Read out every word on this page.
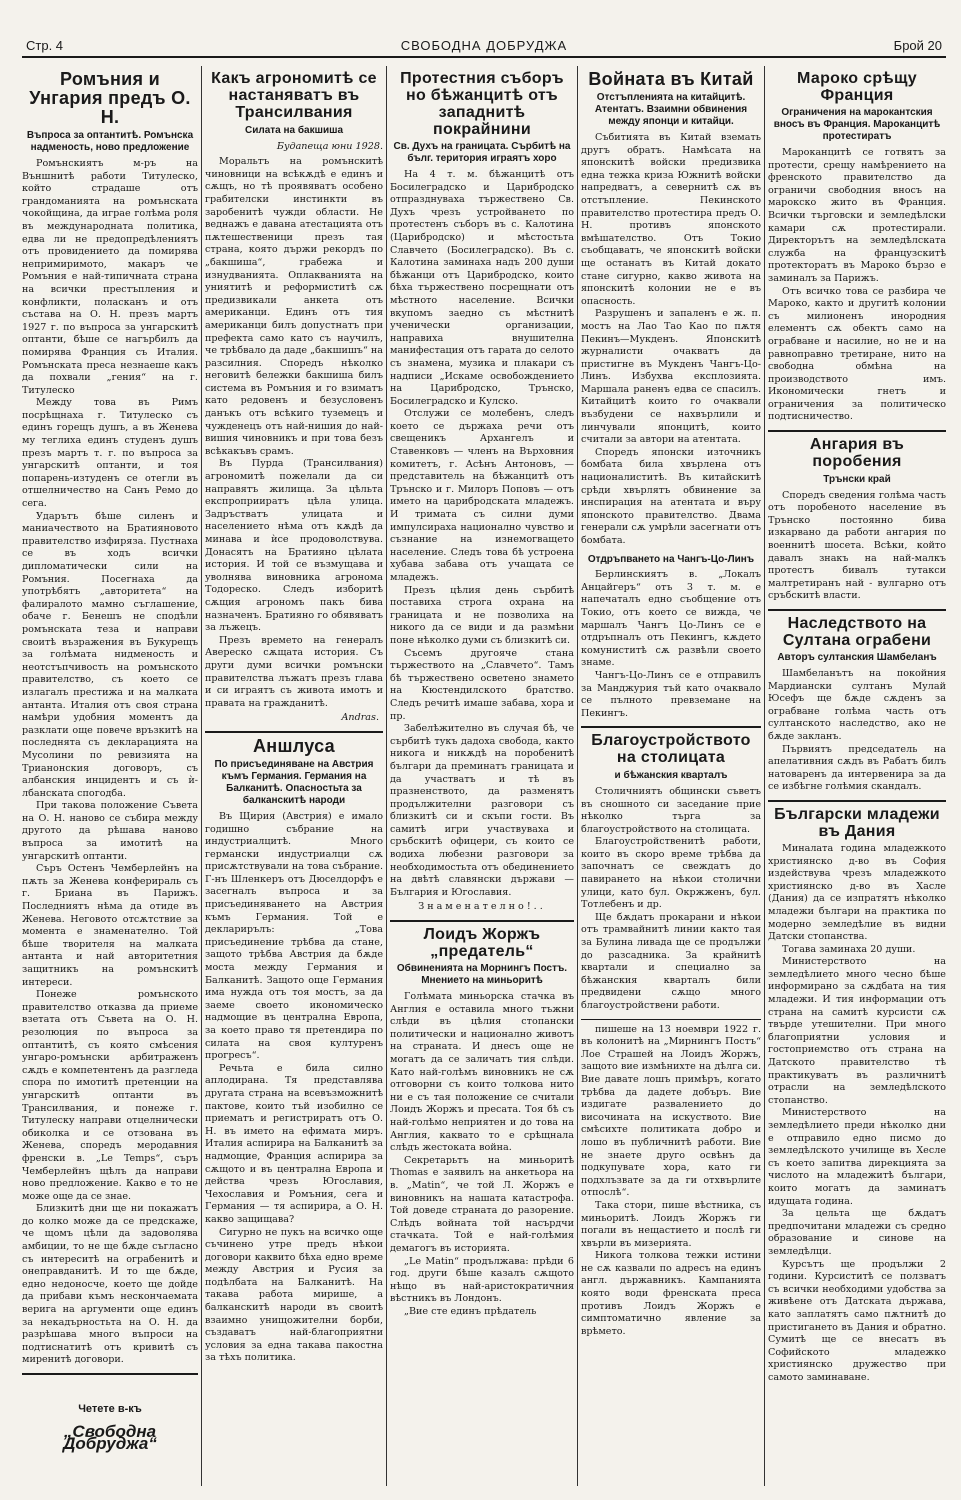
Стр. 4	СВОБОДНА ДОБРУДЖА	Брой 20
Ромъния и Унгария предъ О. Н.
Въпроса за оптантитѣ. Ромънска надменость, ново предложение

Ромънскиятъ м-ръ на Външнитѣ работи Титулеско, който страдаше отъ грандоманията на ромънската чокойщина, да играе голѣма роля въ международната политика, едва ли не предопредѣлениятъ отъ провидението да помирява непримиримото, макаръ че Ромъния е най-типичната страна на всички престъпления и конфликти, поласканъ и отъ състава на О. Н. презъ мартъ 1927 г. по въпроса за унгарскитѣ оптанти, бѣше се нагърбилъ да помирява Франция съ Италия. Ромънската преса незнаеше какъ да похвали „гения“ на г. Титулеско

Между това въ Римъ посрѣщнаха г. Титулеско съ единъ горещъ душъ, а въ Женева му теглиха единъ студенъ душъ презъ мартъ т. г. по въпроса за унгарскитѣ оптанти, и тоя попарень-изтуденъ се отегли въ отшелничество на Санъ Ремо до сега.

Ударътъ бѣше силенъ и маниачеството на Братияновото правителство изфиряза. Пустнаха се въ ходъ всички дипломатически сили на Ромъния. Посегнаха да употрѣбятъ „авторитета“ на фалиралото мамно съглашение, обаче г. Бенешъ не сподѣли ромънската теза и направи своитѣ възражения въ Букурещъ за голѣмата нидменость и неотстъпчивость на ромънското правителство, съ което се излагалъ престижа и на малката антанта. Италия отъ своя страна намѣри удобния моментъ да разклати още повече връзкитѣ на последнята съ декларацията на Мусолини по ревизията на Трианонския договоръ, съ албанския инцидентъ и съ ѝ-лбанската спогодба.

При такова положение Съвета на О. Н. наново се събира между другото да рѣшава наново въпроса за имотитѣ на унгарскитѣ оптанти.

Съръ Остенъ Чемберлейнъ на пѫть за Женева конферираль съ г. Бриана въ Парижъ. Последниятъ нѣма да отиде въ Женева. Неговото отсѫтствие за момента е знаменателно. Той бѣше творителя на малката антанта и най авторитетния защитникъ на ромънскитѣ интереси.

Понеже ромънското правителство отказва да приеме взетата отъ Съвета на О. Н. резолюция по въпроса за оптантитѣ, съ която смѣсения унгаро-ромънски арбитраженъ сѫдъ е компетентенъ да разгледа спора по имотитѣ претенции на унгарскитѣ оптанти въ Трансилвания, и понеже г. Титулеску направи отцелнически обиколка и се отзована въ Женева, споредъ меродавния френски в. „Le Temps“, съръ Чемберлейнъ щѣлъ да направи ново предложение. Какво е то не може още да се знае.

Близкитѣ дни ще ни покажатъ до колко може да се предскаже, че щомъ цѣли да задоволява амбиции, то не ще бѫде съгласно съ интереситѣ на ограбенитѣ и онеправданитѣ. И то ще бѫде, едно недоносче, което ще дойде да прибави къмъ нескончаемата верига на аргументи още единъ за некадърностьта на О. Н. да разрѣшава много въпроси на подтиснатитѣ отъ кривитѣ съ миренитѣ договори.

Четете в-къ
„Свободна Добруджа“
Какъ агрономитѣ се настаняватъ въ Трансилвания
Силата на бакшиша
Будапеща юни 1928.

Моральтъ на ромънскитѣ чиновници на всѣкѫдѣ е единъ и сѫщъ, но тѣ проявяватъ особено грабителски инстинкти въ заробенитѣ чужди области. Не веднажъ е давана атестацията отъ пѫтешественици презъ тая страна, която държи рекордъ по „бакшиша“, грабежа и изнудванията. Оплакванията на униятитѣ и реформиститѣ сѫ предизвикали анкета отъ американци. Единъ отъ тия американци билъ допустнатъ при префекта само като съ научилъ, че трѣбвало да даде „бакшишъ“ на разсилния. Споредъ нѣколко неговитѣ бележки бакшиша билъ система въ Ромъния и го взиматъ като редовенъ и безусловенъ данъкъ отъ всѣкиго туземецъ и чужденецъ отъ най-нишия до най-вишия чиновникъ и при това безъ всѣкакъвъ срамъ.

Въ Пурда (Трансилвания) агрономитѣ пожелали да си направятъ жилища. За цѣльта експроприиратъ цѣла улица. Задръстватъ улицата и населението нѣма отъ кѫдѣ да минава и ѝсе продоволствува. Донасятъ на Братияно цѣлата история. И той се възмущава и уволнява виновника агронома Тодореско. Следъ изборитѣ сѫщия агрономъ пакъ бива назначенъ. Братияно го обявяватъ за лъжецъ.

Презъ времето на генералъ Авереско сѫщата история. Съ други думи всички ромънски правителства лъжатъ презъ глава и си играятъ съ живота имотъ и правата на гражданитѣ.

Andras.
Аншлуса
По присъединяване на Австрия къмъ Германия. Германия на Балканитѣ. Опасностьта за балканскитѣ народи

Въ Щирия (Австрия) е имало годишно събрание на индустриалцитѣ. Много германски индустриалци сѫ присѫтствували на това събрание. Г-нъ Шленкеръ отъ Дюселдорфъ е засегналъ въпроса и за присъединяването на Австрия къмъ Германия. Той е декларирълъ: „Това присъединение трѣбва да стане, защото трѣбва Австрия да бѫде моста между Германия и Балканитѣ. Защото още Германия има нужда отъ тоя мостъ, за да заеме своето икономическо надмощие въ централна Европа, за което право тя претендира по силата на своя културенъ прогресъ“.

Речьта е била силно аплодирана. Тя представлява другата страна на всевъзможнитѣ пактове, които тъй изобилно се приематъ и регистриратъ отъ О. Н. въ името на ефимата миръ. Италия аспирира на Балканитѣ за надмощие, Франция аспирира за сѫщото и въ централна Европа и действа чрезъ Югославия, Чехославия и Ромъния, сега и Германия — тя аспирира, а О. Н. какво защищава?

Сигурно не пукъ на всичко още съчинено утре предъ нѣкои договори каквито бѣха едно време между Австрия и Русия за подѣлбата на Балканитѣ. На такава работа мирише, а балканскитѣ народи въ своитѣ взаимно унищожителни борби, създаватъ най-благоприятни условия за една такава пакостна за тѣхъ политика.

Протестния съборъ но бѣжанцитѣ отъ западнитѣ покрайнини
Св. Духъ на границата. Сърбитѣ на бълг. територия играятъ хоро

На 4 т. м. бѣжанцитѣ отъ Босилеградско и Царибродско отпразднуваха тържествено Св. Духъ чрезъ устройването по протестенъ съборъ въ с. Калотина (Царибродско) и мѣстостьта Славчето (Босилеградско). Въ с. Калотина заминаха надъ 200 души бѣжанци отъ Царибродско, които бѣха тържествено посрещнати отъ мѣстното население. Всички вкупомъ заедно съ мѣстнитѣ ученически организации, направиха внушителна манифестация отъ гарата до селото съ знамена, музика и плакари съ надписи „Искаме освобождението на Царибродско, Трънско, Босилеградско и Кулско.

Отслужи се молебенъ, следъ което се държаха речи отъ свещеникъ Архангелъ и Ставенковъ — членъ на Върховния комитетъ, г. Асѣнъ Антоновъ, — представитель на бѣжанцитѣ отъ Трънско и г. Милоръ Поповъ — отъ името на царибродската младежъ. И тримата съ силни думи импулсираха национално чувство и съзнание на изнемогващето население. Следъ това бѣ устроена хубава забава отъ учащата се младежъ.

Презъ цѣлия день сърбитѣ поставиха строга охрана на границата и не позволиха на никого да се види и да размѣни поне нѣколко думи съ близкитѣ си.

Съсемъ другояче стана тържеството на „Славчето“. Тамъ бѣ тържествено осветено знамето на Кюстендилското братство. Следъ речитѣ имаше забава, хора и пр.

Забелѣжително въ случая бѣ, че сърбитѣ тукъ дадоха свобода, както никога и никѫдѣ на поробенитѣ българи да преминатъ границата и да участватъ и тѣ въ празненството, да разменятъ продължителни разговори съ близкитѣ си и скъпи гости. Въ самитѣ игри участвуваха и сръбскитѣ офицери, съ които се водиха любезни разговори за необходимостьта отъ обединението на двѣтѣ славянски държави — България и Югославия.

Знаменателно!..
Лоидъ Жоржъ „предатель“
Обвиненията на Морнингъ Постъ. Мнението на миньоритѣ

Голѣмата миньорска стачка въ Англия е оставила много тъжни слѣди въ цѣлия стопански политически и национално животъ на страната. И днесъ още не могатъ да се заличатъ тия слѣди. Като най-голѣмъ виновникъ не сѫ отговорни съ които толкова нито ни е съ тая положение се считали Лоидъ Жоржъ и пресата. Тоя бѣ съ най-голѣмо неприятен и до това на Англия, каквато то е срѣщнала слѣдъ жестоката война.

Секретарьтъ на миньоритѣ Thomas е заявилъ на анкетьора на в. „Matin“, че той Л. Жоржъ е виновникъ на нашата катастрофа. Той доведе страната до разорение. Слѣдъ войната той насърдчи стачката. Той е най-голѣмия демагогъ въ историята.

„Le Matin“ продължава: прѣди 6 год. други бѣше казалъ сѫщото нѣщо въ най-аристократичния вѣстникъ въ Лондонъ.

„Вие сте единъ прѣдатель

Войната въ Китай
Отстъпленията на китайцитѣ. Атентатъ. Взаимни обвинения между японци и китайци.

Събитията въ Китай вземать другъ обратъ. Намѣсата на японскитѣ войски предизвика една тежка криза Южнитѣ войски напредватъ, а севернитѣ сѫ въ отстъпление. Пекинското правителство протестира предъ О. Н. противъ японското вмѣшателство. Отъ Токио съобщаватъ, че японскитѣ войски ще останатъ въ Китай докато стане сигурно, какво живота на японскитѣ колонии не е въ опасность.

Разрушенъ и запаленъ е ж. п. мостъ на Лао Тао Као по пѫтя Пекинъ—Мукденъ. Японскитѣ журналисти очакватъ да пристигне въ Мукденъ Чангъ-Цо-Линъ. Избухва експлозията. Маршала раненъ едва се спасилъ. Китайцитѣ които го очаквали възбудени се нахвърлили и линчували японцитѣ, които считали за автори на атентата.

Споредъ японски източникъ бомбата била хвърлена отъ националиститѣ. Въ китайскитѣ срѣди хвърлятъ обвинение за инспирация на атентата и въру японското правителство. Двама генерали сѫ умрѣли засегнати отъ бомбата.

Отдръпването на Чангъ-Цо-Линъ

Берлинскиятъ в. „Локалъ Анцайгеръ“ отъ 3 т. м. е напечаталъ едно съобщение отъ Токио, отъ което се вижда, че маршалъ Чангъ Цо-Линъ се е отдръпналъ отъ Пекингъ, кѫдето комуниститѣ сѫ развѣли своето знаме.

Чангъ-Цо-Линъ се е отправилъ за Манджурия тъй като очаквало се пълното превземане на Пекингъ.

Благоустройството на столицата
и бѣжанския кварталъ

Столичниятъ общински съветъ въ сношното си заседание прие нѣколко търга за благоустройството на столицата.

Благоустройственитѣ работи, които въ скоро време трѣбва да започнатъ се свеждатъ до павирането на нѣкои столични улици, като бул. Окржженъ, бул. Тотлебенъ и др.

Ще бѫдатъ прокарани и нѣкои отъ трамвайнитѣ линии както тая за Булина ливада ще се продължи до разсадника. За крайнитѣ квартали и специално за бѣжанския кварталъ били предвидени сѫщо много благоустройствени работи.

пишеше на 13 ноември 1922 г. въ колонитѣ на „Мирнингъ Постъ“ Лое Страшей на Лоидъ Жоржъ, защото вие измѣнихте на дѣлга си. Вие давате лошъ примѣръ, когато трѣбва да дадете добъръ. Вие издигате развалението до височината на искуството. Вие смѣсихте политиката добро и лошо въ публичнитѣ работи. Вие не знаете друго освѣнъ да подкупувате хора, като ги подхлъзвате за да ги отхвърлите отпослѣ“.

Така стори, пише вѣстника, съ миньоритѣ. Лоидъ Жоржъ ги погали въ нещастието и послѣ ги хвърли въ мизерията.

Никога толкова тежки истини не сѫ казвали по адресъ на единъ англ. държавникъ. Кампанията която води френската преса противъ Лоидъ Жоржъ е симптоматично явление за врѣмето.

Мароко срѣщу Франция
Ограничения на марокантския вносъ въ Франция. Мароканцитѣ протестиратъ

Мароканцитѣ се готвятъ за протести, срещу намѣрението на френското правителство да ограничи свободния вносъ на марокско жито въ Франция. Всички търговски и земледѣлски камари сѫ протестирали. Директорътъ на земледѣлската служба на французскитѣ протекторатъ въ Мароко бързо е заминалъ за Парижъ.

Отъ всичко това се разбира че Мароко, както и другитѣ колонии съ милионенъ инородния елементъ сѫ обектъ само на ограбване и насилие, но не и на равноправно третиране, нито на свободна обмѣна на производството имъ. Икономически гнетъ и ограничения за политическо подтисничество.

Ангария въ поробения
Трънски край

Споредъ сведения голѣма часть отъ поробеното население въ Трънско постоянно бива изкарвано да работи ангария по военнитѣ шосета. Всѣки, който давалъ знакъ на най-малкъ протестъ бивалъ тутакси малтретиранъ най - вулгарно отъ сръбскитѣ власти.

Наследството на Султана ограбени
Авторъ султанския Шамбеланъ

Шамбеланътъ на покойния Мардиански султанъ Мулай Юсефъ ще бѫде сѫденъ за ограбване голѣма часть отъ султанското наследство, ако не бѫде закланъ.

Първиятъ председатель на апелативния сѫдъ въ Рабатъ билъ натоваренъ да интервенира за да се избѣгне голѣмия скандалъ.

Български младежи въ Дания

Миналата година младежкото християнско д-во въ София издействува чрезъ младежкото християнско д-во въ Хасле (Дания) да се изпратятъ нѣколко младежи българи на практика по модерно земледѣлие въ видни Датски стопанства.

Тогава заминаха 20 души.

Министерството на земледѣлието много чесно бѣше информирано за сѫдбата на тия младежи. И тия информации отъ страна на самитѣ курсисти сѫ твърде утешителни. При много благоприятни условия и гостоприемство отъ страна на Датското правителство тѣ практикуватъ въ различнитѣ отрасли на земледѣлското стопанство.

Министерството на земледѣлието преди нѣколко дни е отправило едно писмо до земледѣлското училище въ Хесле съ което запитва дирекцията за числото на младежитѣ българи, които могатъ да заминатъ идущата година.

За цельта ще бѫдатъ предпочитани младежи съ средно образование и синове на земледѣлци.

Курсътъ ще продължи 2 години. Курсиститѣ се ползватъ съ всички необходими удобства за живѣене отъ Датската държава, като заплатятъ само пѫтнитѣ до пристигането въ Дания и обратно. Сумитѣ ще се внесатъ въ Софийското младежко християнско дружество при самото заминаване.
